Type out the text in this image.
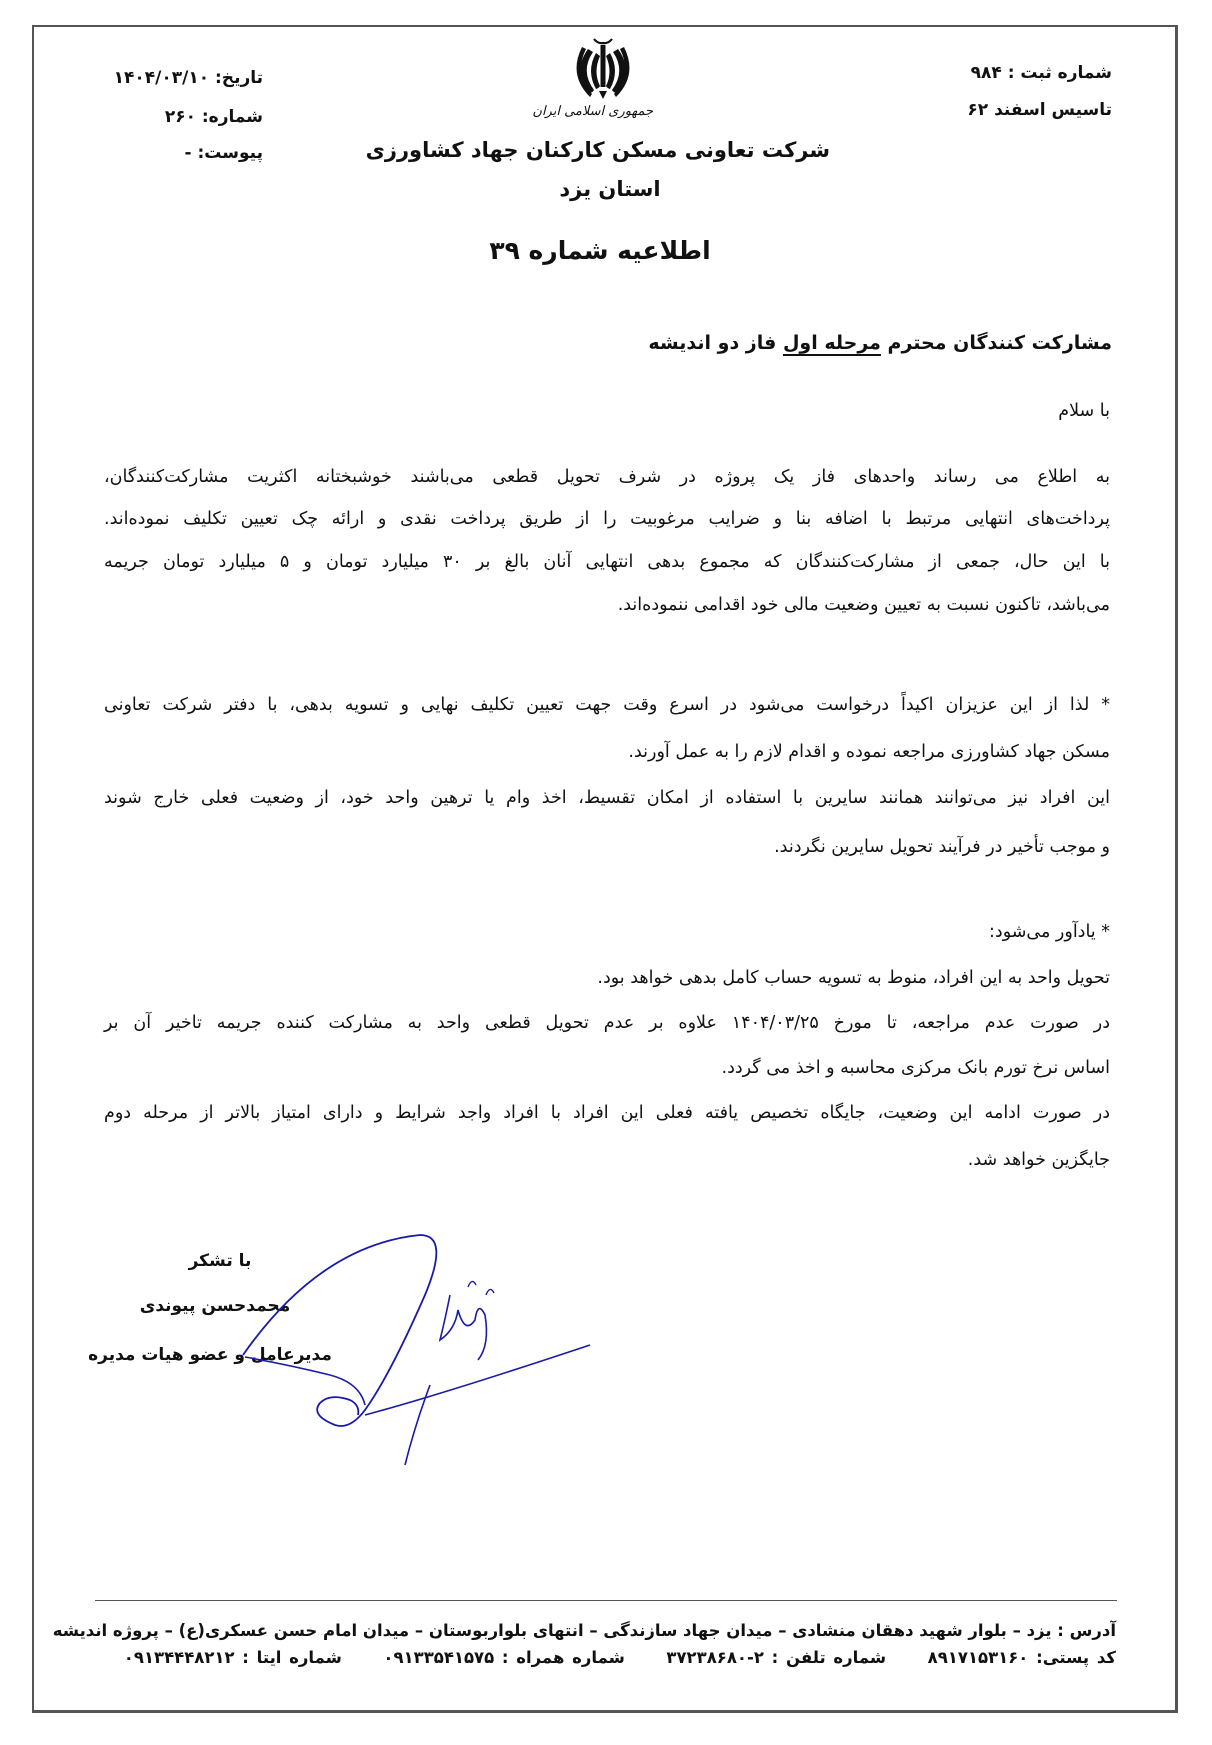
شماره ثبت : ۹۸۴
تاسیس اسفند ۶۲
تاریخ: ۱۴۰۴/۰۳/۱۰
شماره: ۲۶۰
پیوست: -
جمهوری اسلامی ایران
شرکت تعاونی مسکن کارکنان جهاد کشاورزی
استان یزد
اطلاعیه شماره ۳۹
مشارکت کنندگان محترم مرحله اول فاز دو اندیشه
با سلام
به اطلاع می رساند واحدهای فاز یک پروژه در شرف تحویل قطعی می‌باشند خوشبختانه اکثریت مشارکت‌کنندگان،
پرداخت‌های انتهایی مرتبط با اضافه بنا و ضرایب مرغوبیت را از طریق پرداخت نقدی و ارائه چک تعیین تکلیف نموده‌اند.
با این حال، جمعی از مشارکت‌کنندگان که مجموع بدهی انتهایی آنان بالغ بر ۳۰ میلیارد تومان و ۵ میلیارد تومان جریمه
می‌باشد، تاکنون نسبت به تعیین وضعیت مالی خود اقدامی ننموده‌اند.
* لذا از این عزیزان اکیداً درخواست می‌شود در اسرع وقت جهت تعیین تکلیف نهایی و تسویه بدهی، با دفتر شرکت تعاونی
مسکن جهاد کشاورزی مراجعه نموده و اقدام لازم را به عمل آورند.
این افراد نیز می‌توانند همانند سایرین با استفاده از امکان تقسیط، اخذ وام یا ترهین واحد خود، از وضعیت فعلی خارج شوند
و موجب تأخیر در فرآیند تحویل سایرین نگردند.
* یادآور می‌شود:
تحویل واحد به این افراد، منوط به تسویه حساب کامل بدهی خواهد بود.
در صورت عدم مراجعه، تا مورخ ۱۴۰۴/۰۳/۲۵ علاوه بر عدم تحویل قطعی واحد به مشارکت کننده جریمه تاخیر آن بر
اساس نرخ تورم بانک مرکزی محاسبه و اخذ می گردد.
در صورت ادامه این وضعیت، جایگاه تخصیص یافته فعلی این افراد با افراد واجد شرایط و دارای امتیاز بالاتر از مرحله دوم
جایگزین خواهد شد.
با تشکر
محمدحسن پیوندی
مدیرعامل و عضو هیات مدیره
آدرس : یزد – بلوار شهید دهقان منشادی – میدان جهاد سازندگی – انتهای بلواربوستان – میدان امام حسن عسکری(ع) – پروژه اندیشه
کد پستی: ۸۹۱۷۱۵۳۱۶۰  شماره تلفن : ۲-۳۷۲۳۸۶۸۰  شماره همراه : ۰۹۱۳۳۵۴۱۵۷۵  شماره ایتا : ۰۹۱۳۴۴۴۸۲۱۲
